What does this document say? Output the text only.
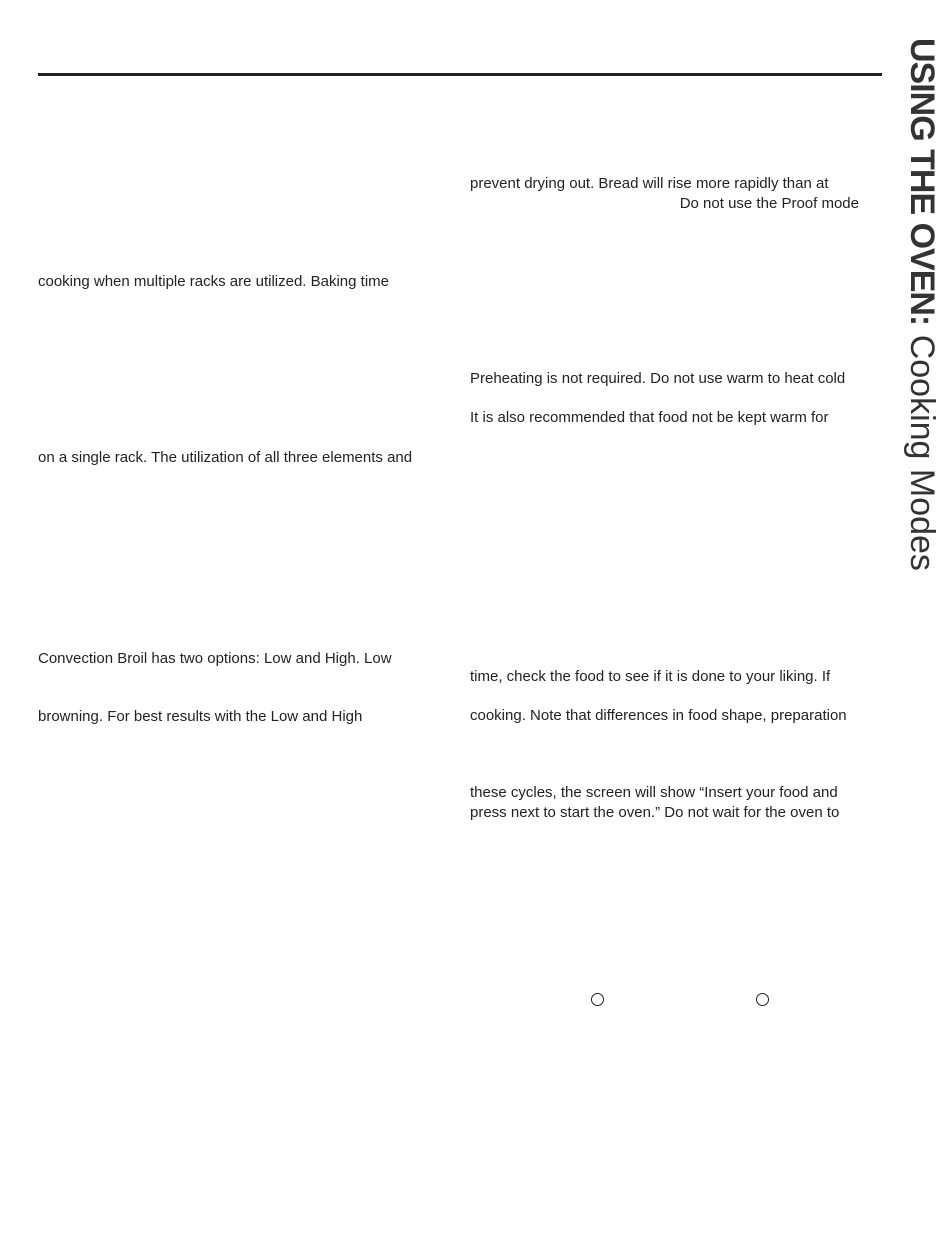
USING THE OVEN: Cooking Modes
cooking when multiple racks are utilized. Baking time
on a single rack. The utilization of all three elements and
Convection Broil has two options: Low and High. Low
browning. For best results with the Low and High
prevent drying out. Bread will rise more rapidly than at
Do not use the Proof mode
Preheating is not required. Do not use warm to heat cold
It is also recommended that food not be kept warm for
time, check the food to see if it is done to your liking. If
cooking. Note that differences in food shape, preparation
these cycles, the screen will show “Insert your food and
press next to start the oven.” Do not wait for the oven to
